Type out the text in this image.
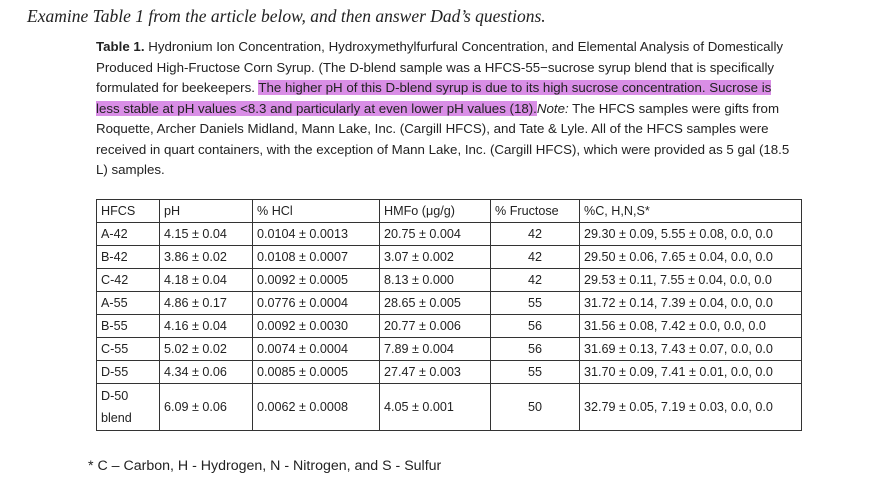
Examine Table 1 from the article below, and then answer Dad’s questions.
Table 1. Hydronium Ion Concentration, Hydroxymethylfurfural Concentration, and Elemental Analysis of Domestically Produced High-Fructose Corn Syrup. (The D-blend sample was a HFCS-55−sucrose syrup blend that is specifically formulated for beekeepers. The higher pH of this D-blend syrup is due to its high sucrose concentration. Sucrose is less stable at pH values <8.3 and particularly at even lower pH values (18).Note: The HFCS samples were gifts from Roquette, Archer Daniels Midland, Mann Lake, Inc. (Cargill HFCS), and Tate & Lyle. All of the HFCS samples were received in quart containers, with the exception of Mann Lake, Inc. (Cargill HFCS), which were provided as 5 gal (18.5 L) samples.
HFCS	pH	% HCl	HMFo (μg/g)	% Fructose	%C, H,N,S*
A-42	4.15 ± 0.04	0.0104 ± 0.0013	20.75 ± 0.004	42	29.30 ± 0.09, 5.55 ± 0.08, 0.0, 0.0
B-42	3.86 ± 0.02	0.0108 ± 0.0007	3.07 ± 0.002	42	29.50 ± 0.06, 7.65 ± 0.04, 0.0, 0.0
C-42	4.18 ± 0.04	0.0092 ± 0.0005	8.13 ± 0.000	42	29.53 ± 0.11, 7.55 ± 0.04, 0.0, 0.0
A-55	4.86 ± 0.17	0.0776 ± 0.0004	28.65 ± 0.005	55	31.72 ± 0.14, 7.39 ± 0.04, 0.0, 0.0
B-55	4.16 ± 0.04	0.0092 ± 0.0030	20.77 ± 0.006	56	31.56 ± 0.08, 7.42 ± 0.0, 0.0, 0.0
C-55	5.02 ± 0.02	0.0074 ± 0.0004	7.89 ± 0.004	56	31.69 ± 0.13, 7.43 ± 0.07, 0.0, 0.0
D-55	4.34 ± 0.06	0.0085 ± 0.0005	27.47 ± 0.003	55	31.70 ± 0.09, 7.41 ± 0.01, 0.0, 0.0

D-50
blend	6.09 ± 0.06	0.0062 ± 0.0008	4.05 ± 0.001	50	32.79 ± 0.05, 7.19 ± 0.03, 0.0, 0.0
* C – Carbon, H - Hydrogen, N - Nitrogen, and S - Sulfur
